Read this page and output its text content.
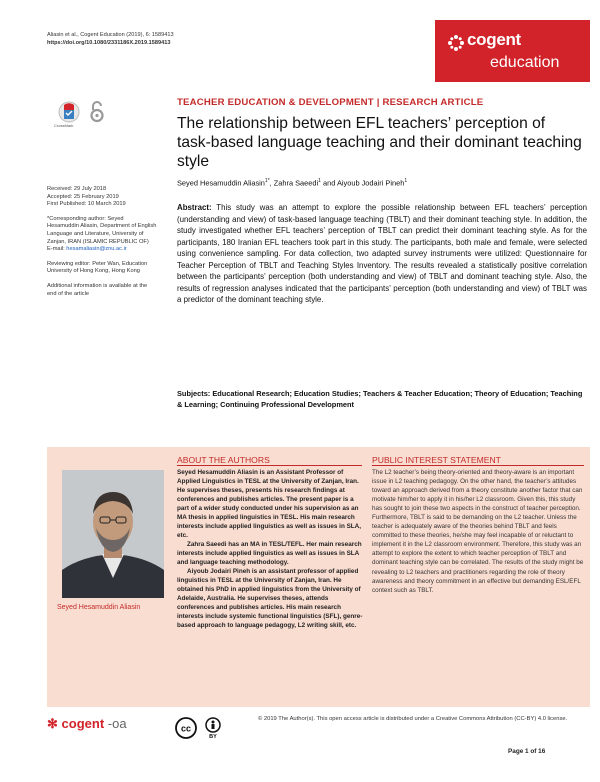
Aliasin et al., Cogent Education (2019), 6: 1589413
https://doi.org/10.1080/2331186X.2019.1589413	cogent
education
CrossMark
TEACHER EDUCATION & DEVELOPMENT | RESEARCH ARTICLE
The relationship between EFL teachers’ perception of task-based language teaching and their dominant teaching style
Seyed Hesamuddin Aliasin$^{1*}$, Zahra Saeedi$^1$ and Aiyoub Jodairi Pineh$^1$

Received: 29 July 2018
Accepted: 25 February 2019
First Published: 10 March 2019

*Corresponding author: Seyed Hesamuddin Aliasin, Department of English Language and Literature, University of Zanjan, IRAN (ISLAMIC REPUBLIC OF)
E-mail: hesamaliasin@znu.ac.ir

Reviewing editor: Peter Wan, Education University of Hong Kong, Hong Kong

Additional information is available at the end of the article

Abstract: This study was an attempt to explore the possible relationship between EFL teachers’ perception (understanding and view) of task-based language teaching (TBLT) and their dominant teaching style. In addition, the study investigated whether EFL teachers’ perception of TBLT can predict their dominant teaching style. As for the participants, 180 Iranian EFL teachers took part in this study. The participants, both male and female, were selected using convenience sampling. For data collection, two adapted survey instruments were utilized: Questionnaire for Teacher Perception of TBLT and Teaching Styles Inventory. The results revealed a statistically positive correlation between the participants’ perception (both understanding and view) of TBLT and dominant teaching style. Also, the results of regression analyses indicated that the participants’ perception (both understanding and view) of TBLT was a predictor of the dominant teaching style.
Subjects: Educational Research; Education Studies; Teachers & Teacher Education; Theory of Education; Teaching & Learning; Continuing Professional Development
ABOUT THE AUTHORS	PUBLIC INTEREST STATEMENT
Seyed Hesamuddin Aliasin

Seyed Hesamuddin Aliasin is an Assistant Professor of Applied Linguistics in TESL at the University of Zanjan, Iran. He supervises theses, presents his research findings at conferences and publishes articles. The present paper is a part of a wider study conducted under his supervision as an MA thesis in applied linguistics in TESL. His main research interests include applied linguistics as well as issues in SLA, etc.

Zahra Saeedi has an MA in TESL/TEFL. Her main research interests include applied linguistics as well as issues in SLA and language teaching methodology.

Aiyoub Jodairi Pineh is an assistant professor of applied linguistics in TESL at the University of Zanjan, Iran. He obtained his PhD in applied linguistics from the University of Adelaide, Australia. He supervises theses, attends conferences and publishes articles. His main research interests include systemic functional linguistics (SFL), genre-based approach to language pedagogy, L2 writing skill, etc.

The L2 teacher’s being theory-oriented and theory-aware is an important issue in L2 teaching pedagogy. On the other hand, the teacher’s attitudes toward an approach derived from a theory constitute another factor that can motivate him/her to apply it in his/her L2 classroom. Given this, this study has sought to join these two aspects in the construct of teacher perception. Furthermore, TBLT is said to be demanding on the L2 teacher. Unless the teacher is adequately aware of the theories behind TBLT and feels committed to these theories, he/she may feel incapable of or reluctant to implement it in the L2 classroom environment. Therefore, this study was an attempt to explore the extent to which teacher perception of TBLT and dominant teaching style can be correlated. The results of the study might be revealing to L2 teachers and practitioners regarding the role of theory awareness and theory commitment in an effective but demanding ESL/EFL context such as TBLT.
✻ cogent -oa	cc
BY
© 2019 The Author(s). This open access article is distributed under a Creative Commons Attribution (CC-BY) 4.0 license.
Page 1 of 16
